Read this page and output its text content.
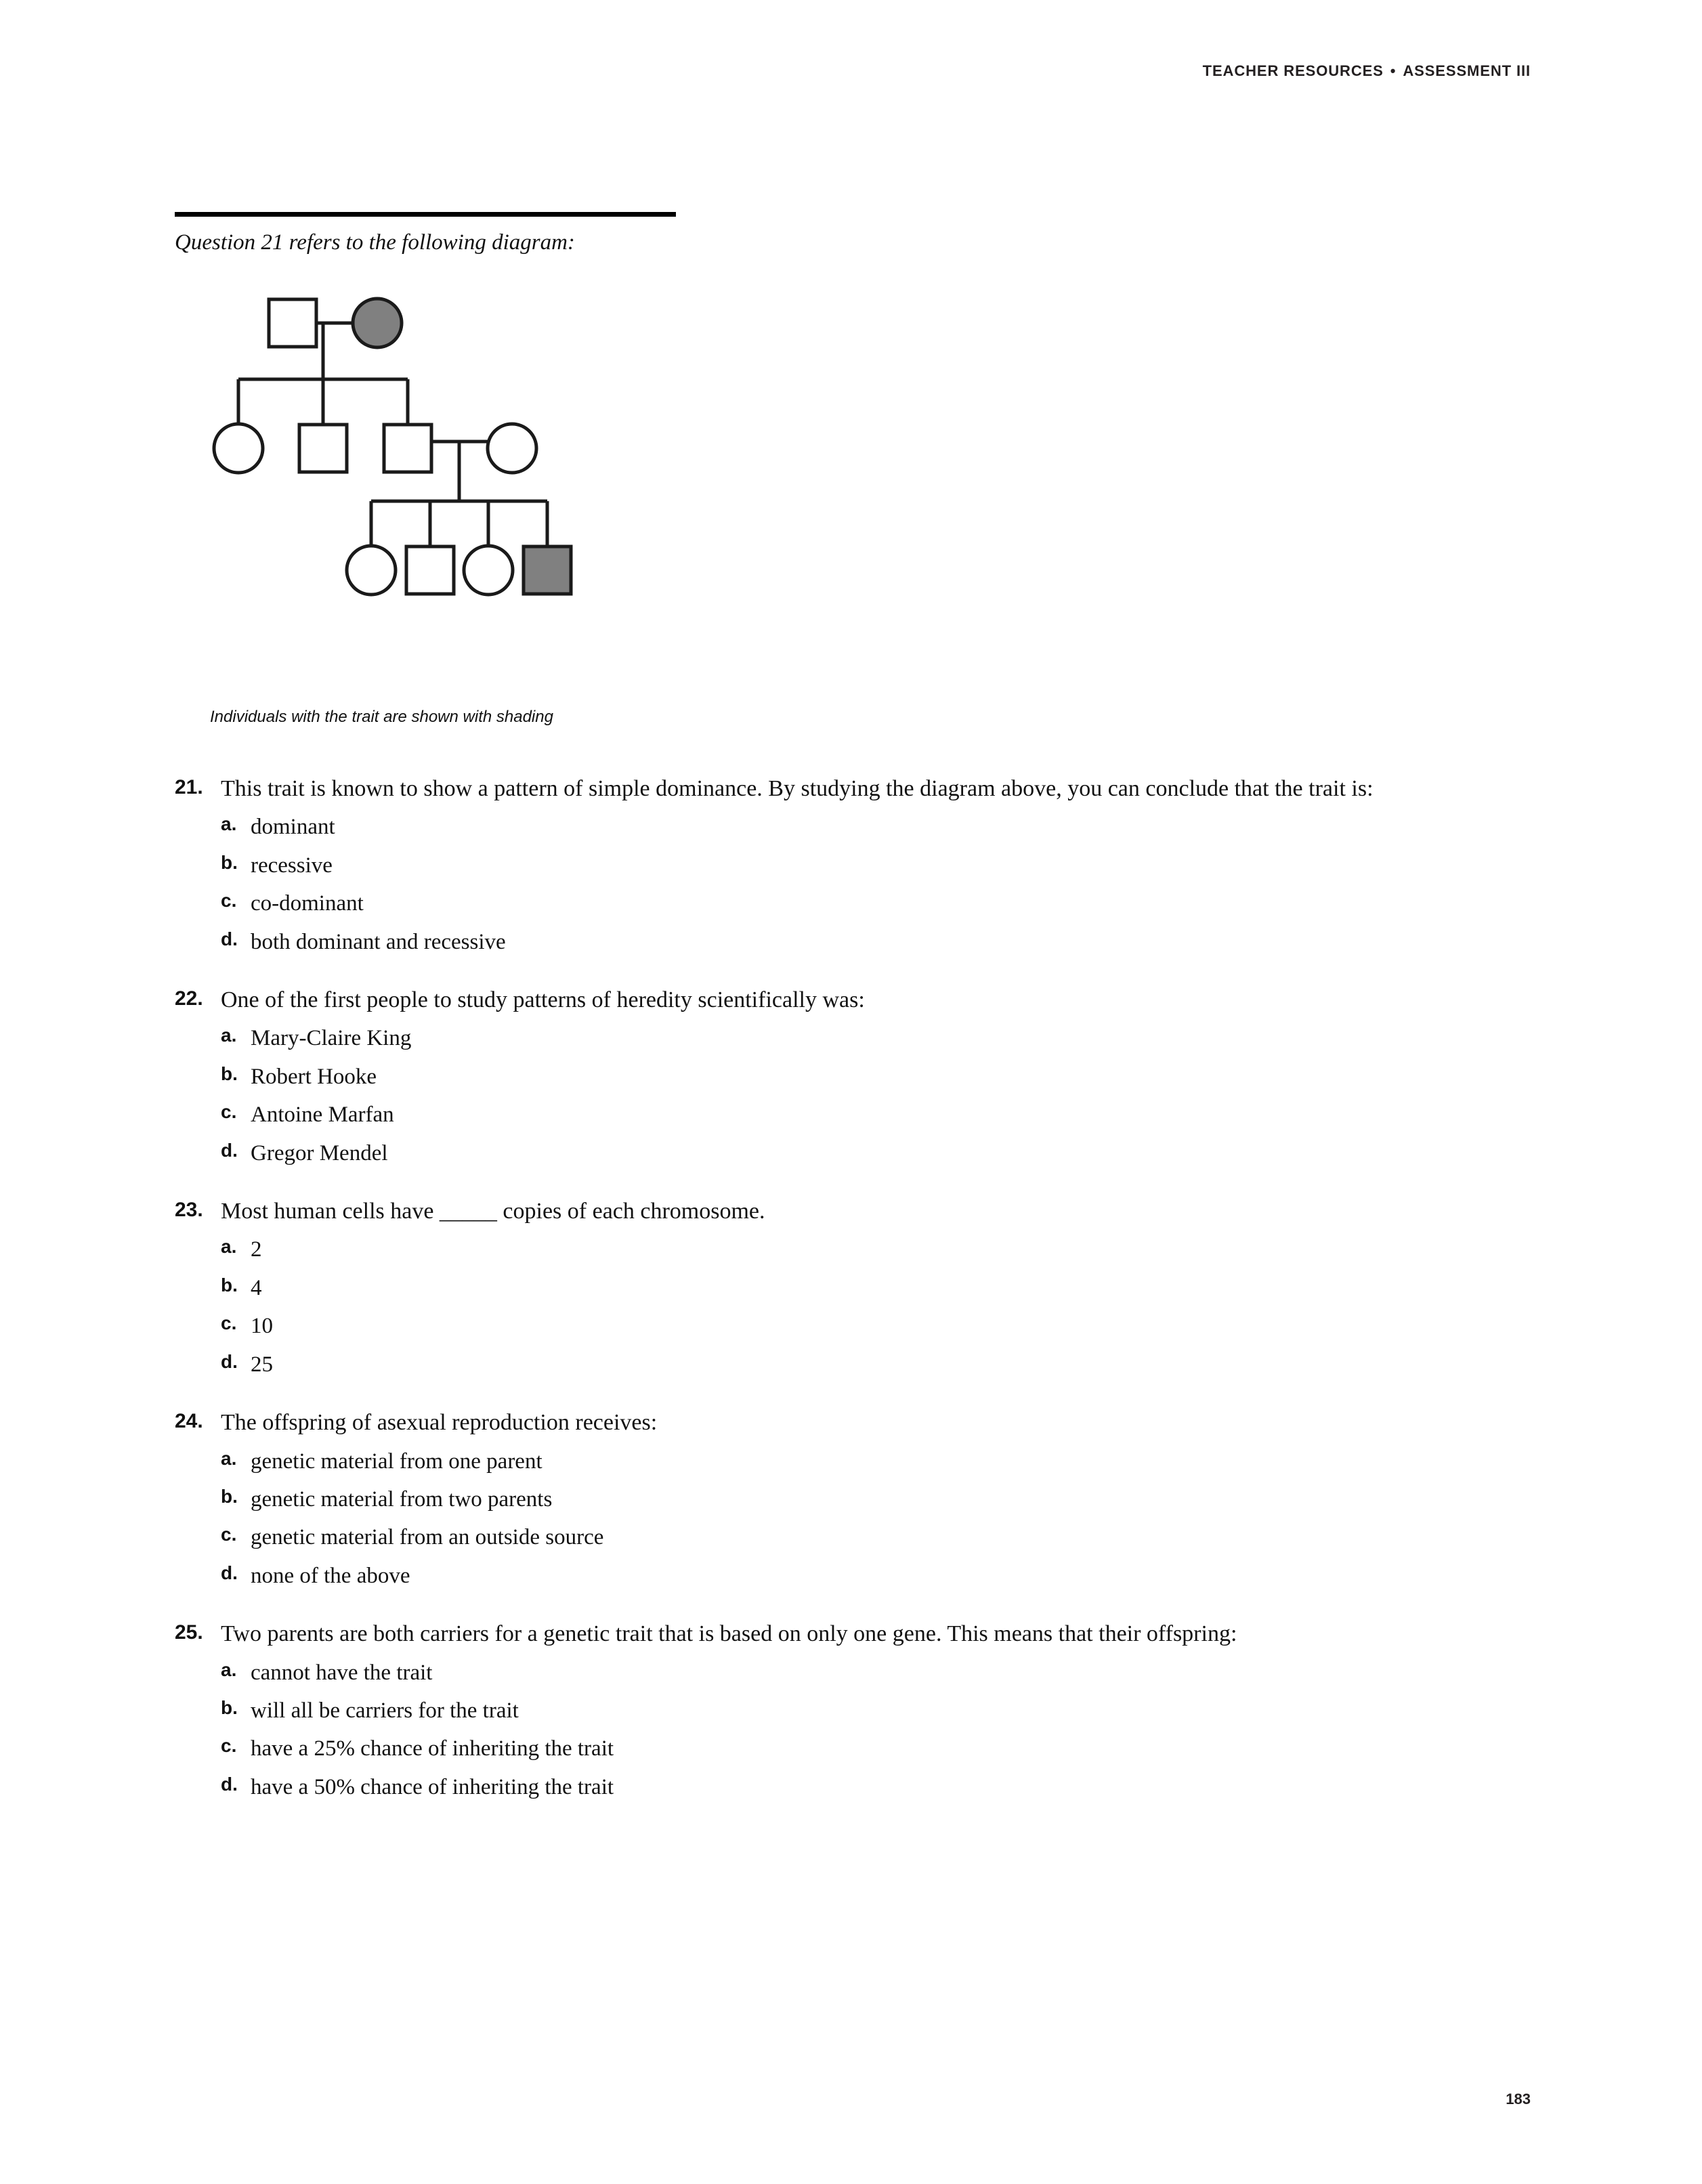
TEACHER RESOURCES • ASSESSMENT III
Question 21 refers to the following diagram:
Individuals with the trait are shown with shading
21. This trait is known to show a pattern of simple dominance. By studying the diagram above, you can conclude that the trait is:
a. dominant
b. recessive
c. co-dominant
d. both dominant and recessive
22. One of the first people to study patterns of heredity scientifically was:
a. Mary-Claire King
b. Robert Hooke
c. Antoine Marfan
d. Gregor Mendel
23. Most human cells have _____ copies of each chromosome.
a. 2
b. 4
c. 10
d. 25
24. The offspring of asexual reproduction receives:
a. genetic material from one parent
b. genetic material from two parents
c. genetic material from an outside source
d. none of the above
25. Two parents are both carriers for a genetic trait that is based on only one gene. This means that their offspring:
a. cannot have the trait
b. will all be carriers for the trait
c. have a 25% chance of inheriting the trait
d. have a 50% chance of inheriting the trait
183
